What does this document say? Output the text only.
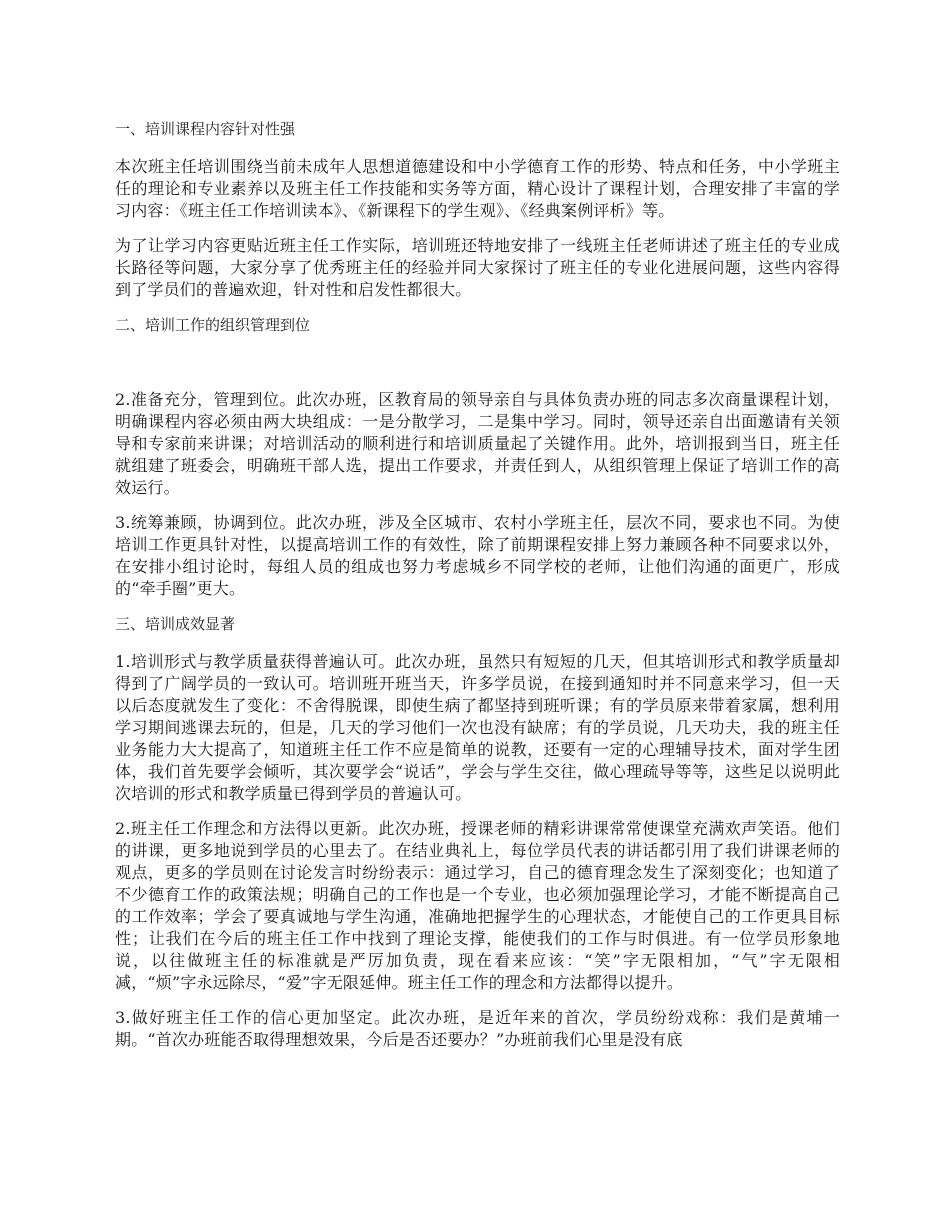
一、培训课程内容针对性强

本次班主任培训围绕当前未成年人思想道德建设和中小学德育工作的形势、特点和任务，中小学班主任的理论和专业素养以及班主任工作技能和实务等方面，精心设计了课程计划，合理安排了丰富的学习内容：《班主任工作培训读本》、《新课程下的学生观》、《经典案例评析》等。

为了让学习内容更贴近班主任工作实际，培训班还特地安排了一线班主任老师讲述了班主任的专业成长路径等问题，大家分享了优秀班主任的经验并同大家探讨了班主任的专业化进展问题，这些内容得到了学员们的普遍欢迎，针对性和启发性都很大。

二、培训工作的组织管理到位

2.准备充分，管理到位。此次办班，区教育局的领导亲自与具体负责办班的同志多次商量课程计划，明确课程内容必须由两大块组成：一是分散学习，二是集中学习。同时，领导还亲自出面邀请有关领导和专家前来讲课；对培训活动的顺利进行和培训质量起了关键作用。此外，培训报到当日，班主任就组建了班委会，明确班干部人选，提出工作要求，并责任到人，从组织管理上保证了培训工作的高效运行。

3.统筹兼顾，协调到位。此次办班，涉及全区城市、农村小学班主任，层次不同，要求也不同。为使培训工作更具针对性，以提高培训工作的有效性，除了前期课程安排上努力兼顾各种不同要求以外，在安排小组讨论时，每组人员的组成也努力考虑城乡不同学校的老师，让他们沟通的面更广，形成的“牵手圈”更大。

三、培训成效显著

1.培训形式与教学质量获得普遍认可。此次办班，虽然只有短短的几天，但其培训形式和教学质量却得到了广阔学员的一致认可。培训班开班当天，许多学员说，在接到通知时并不同意来学习，但一天以后态度就发生了变化：不舍得脱课，即使生病了都坚持到班听课；有的学员原来带着家属，想利用学习期间逃课去玩的，但是，几天的学习他们一次也没有缺席；有的学员说，几天功夫，我的班主任业务能力大大提高了，知道班主任工作不应是简单的说教，还要有一定的心理辅导技术，面对学生团体，我们首先要学会倾听，其次要学会“说话”，学会与学生交往，做心理疏导等等，这些足以说明此次培训的形式和教学质量已得到学员的普遍认可。

2.班主任工作理念和方法得以更新。此次办班，授课老师的精彩讲课常常使课堂充满欢声笑语。他们的讲课，更多地说到学员的心里去了。在结业典礼上，每位学员代表的讲话都引用了我们讲课老师的观点，更多的学员则在讨论发言时纷纷表示：通过学习，自己的德育理念发生了深刻变化；也知道了不少德育工作的政策法规；明确自己的工作也是一个专业，也必须加强理论学习，才能不断提高自己的工作效率；学会了要真诚地与学生沟通，准确地把握学生的心理状态，才能使自己的工作更具目标性；让我们在今后的班主任工作中找到了理论支撑，能使我们的工作与时俱进。有一位学员形象地说，以往做班主任的标准就是严厉加负责，现在看来应该：“笑”字无限相加，“气”字无限相减，“烦”字永远除尽，“爱”字无限延伸。班主任工作的理念和方法都得以提升。

3.做好班主任工作的信心更加坚定。此次办班，是近年来的首次，学员纷纷戏称：我们是黄埔一期。“首次办班能否取得理想效果，今后是否还要办？”办班前我们心里是没有底
